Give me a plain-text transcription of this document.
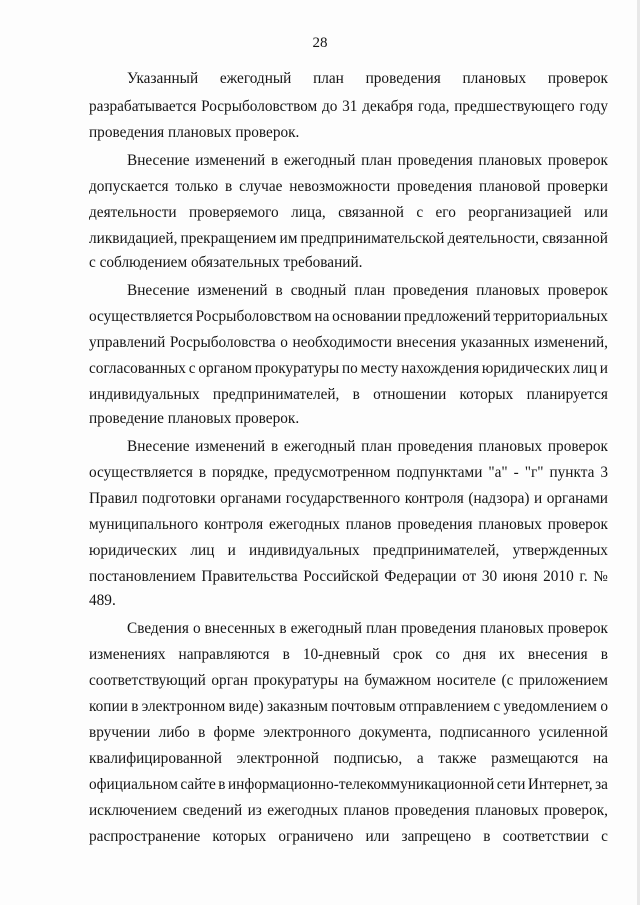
28
Указанный ежегодный план проведения плановых проверок
разрабатывается Росрыболовством до 31 декабря года, предшествующего году
проведения плановых проверок.
Внесение изменений в ежегодный план проведения плановых проверок
допускается только в случае невозможности проведения плановой проверки
деятельности проверяемого лица, связанной с его реорганизацией или
ликвидацией, прекращением им предпринимательской деятельности, связанной
с соблюдением обязательных требований.
Внесение изменений в сводный план проведения плановых проверок
осуществляется Росрыболовством на основании предложений территориальных
управлений Росрыболовства о необходимости внесения указанных изменений,
согласованных с органом прокуратуры по месту нахождения юридических лиц и
индивидуальных предпринимателей, в отношении которых планируется
проведение плановых проверок.
Внесение изменений в ежегодный план проведения плановых проверок
осуществляется в порядке, предусмотренном подпунктами "а" - "г" пункта 3
Правил подготовки органами государственного контроля (надзора) и органами
муниципального контроля ежегодных планов проведения плановых проверок
юридических лиц и индивидуальных предпринимателей, утвержденных
постановлением Правительства Российской Федерации от 30 июня 2010 г. №
489.
Сведения о внесенных в ежегодный план проведения плановых проверок
изменениях направляются в 10-дневный срок со дня их внесения в
соответствующий орган прокуратуры на бумажном носителе (с приложением
копии в электронном виде) заказным почтовым отправлением с уведомлением о
вручении либо в форме электронного документа, подписанного усиленной
квалифицированной электронной подписью, а также размещаются на
официальном сайте в информационно-телекоммуникационной сети Интернет, за
исключением сведений из ежегодных планов проведения плановых проверок,
распространение которых ограничено или запрещено в соответствии с
